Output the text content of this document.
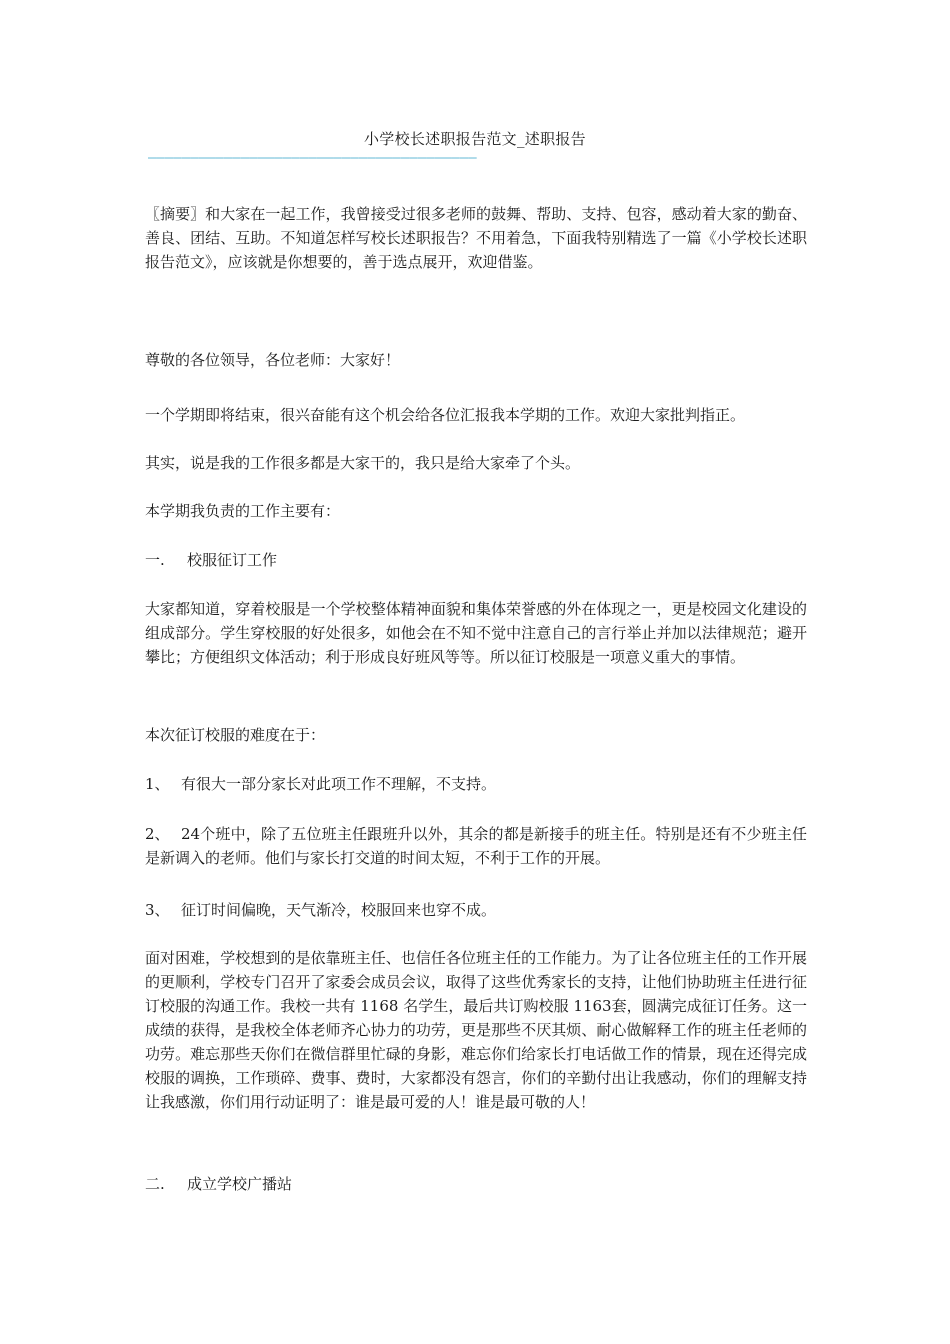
小学校长述职报告范文_述职报告
———————————————————————————————————————
〖摘要〗和大家在一起工作，我曾接受过很多老师的鼓舞、帮助、支持、包容，感动着大家的勤奋、善良、团结、互助。不知道怎样写校长述职报告？不用着急，下面我特别精选了一篇《小学校长述职报告范文》，应该就是你想要的，善于选点展开，欢迎借鉴。
尊敬的各位领导，各位老师：大家好！
一个学期即将结束，很兴奋能有这个机会给各位汇报我本学期的工作。欢迎大家批判指正。
其实，说是我的工作很多都是大家干的，我只是给大家牵了个头。
本学期我负责的工作主要有：
一. 校服征订工作
大家都知道，穿着校服是一个学校整体精神面貌和集体荣誉感的外在体现之一，更是校园文化建设的组成部分。学生穿校服的好处很多，如他会在不知不觉中注意自己的言行举止并加以法律规范；避开攀比；方便组织文体活动；利于形成良好班风等等。所以征订校服是一项意义重大的事情。
本次征订校服的难度在于：
1、 有很大一部分家长对此项工作不理解，不支持。
2、 24个班中，除了五位班主任跟班升以外，其余的都是新接手的班主任。特别是还有不少班主任是新调入的老师。他们与家长打交道的时间太短，不利于工作的开展。
3、 征订时间偏晚，天气渐冷，校服回来也穿不成。
面对困难，学校想到的是依靠班主任、也信任各位班主任的工作能力。为了让各位班主任的工作开展的更顺利，学校专门召开了家委会成员会议，取得了这些优秀家长的支持，让他们协助班主任进行征订校服的沟通工作。我校一共有 1168 名学生，最后共订购校服 1163套，圆满完成征订任务。这一成绩的获得，是我校全体老师齐心协力的功劳，更是那些不厌其烦、耐心做解释工作的班主任老师的功劳。难忘那些天你们在微信群里忙碌的身影，难忘你们给家长打电话做工作的情景，现在还得完成校服的调换，工作琐碎、费事、费时，大家都没有怨言，你们的辛勤付出让我感动，你们的理解支持让我感激，你们用行动证明了：谁是最可爱的人！谁是最可敬的人！
二. 成立学校广播站
